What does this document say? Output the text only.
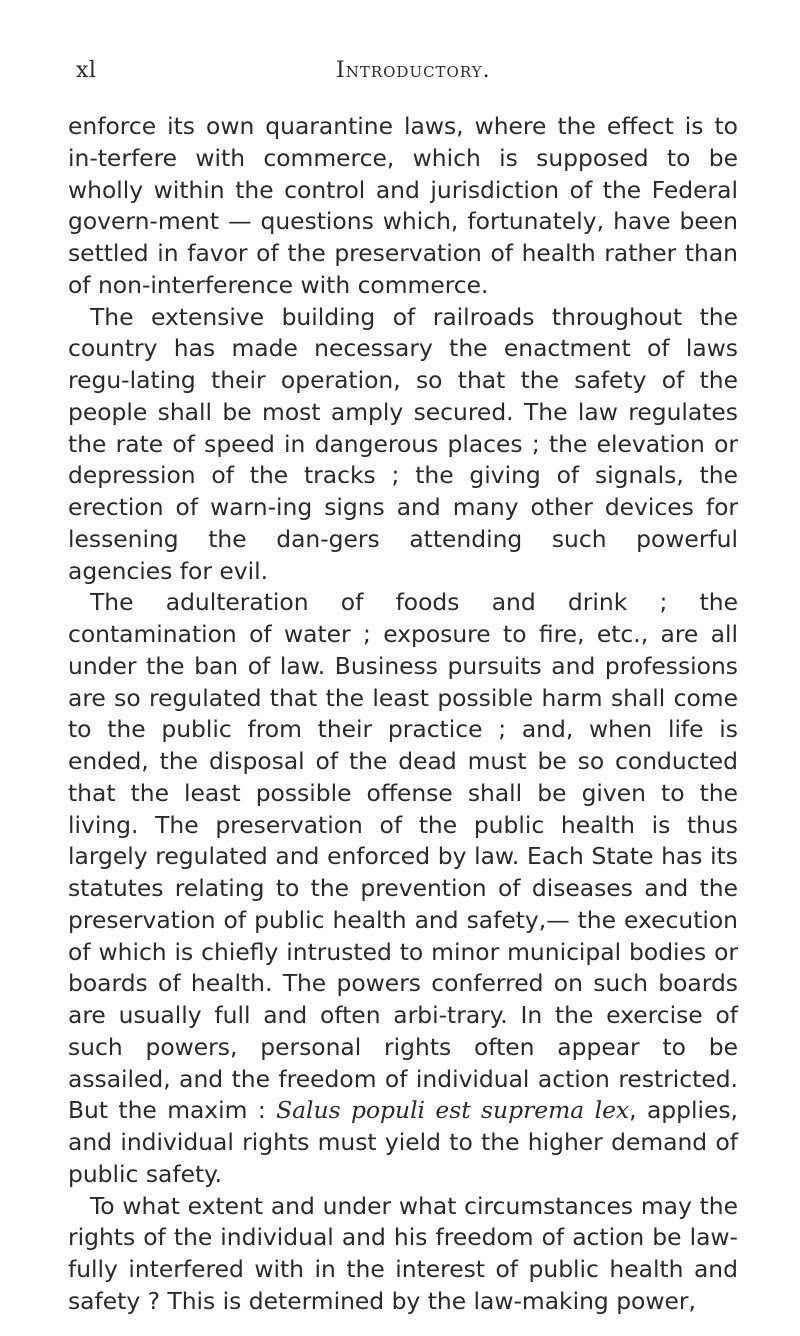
xl	Introductory.

enforce its own quarantine laws, where the effect is to in-terfere with commerce, which is supposed to be wholly within the control and jurisdiction of the Federal govern-ment — questions which, fortunately, have been settled in favor of the preservation of health rather than of non-interference with commerce.

The extensive building of railroads throughout the country has made necessary the enactment of laws regu-lating their operation, so that the safety of the people shall be most amply secured. The law regulates the rate of speed in dangerous places ; the elevation or depression of the tracks ; the giving of signals, the erection of warn-ing signs and many other devices for lessening the dan-gers attending such powerful agencies for evil.

The adulteration of foods and drink ; the contamination of water ; exposure to fire, etc., are all under the ban of law. Business pursuits and professions are so regulated that the least possible harm shall come to the public from their practice ; and, when life is ended, the disposal of the dead must be so conducted that the least possible offense shall be given to the living. The preservation of the public health is thus largely regulated and enforced by law. Each State has its statutes relating to the prevention of diseases and the preservation of public health and safety,— the execution of which is chiefly intrusted to minor municipal bodies or boards of health. The powers conferred on such boards are usually full and often arbi-trary. In the exercise of such powers, personal rights often appear to be assailed, and the freedom of individual action restricted. But the maxim : Salus populi est suprema lex, applies, and individual rights must yield to the higher demand of public safety.

To what extent and under what circumstances may the rights of the individual and his freedom of action be law-fully interfered with in the interest of public health and safety ? This is determined by the law-making power,
